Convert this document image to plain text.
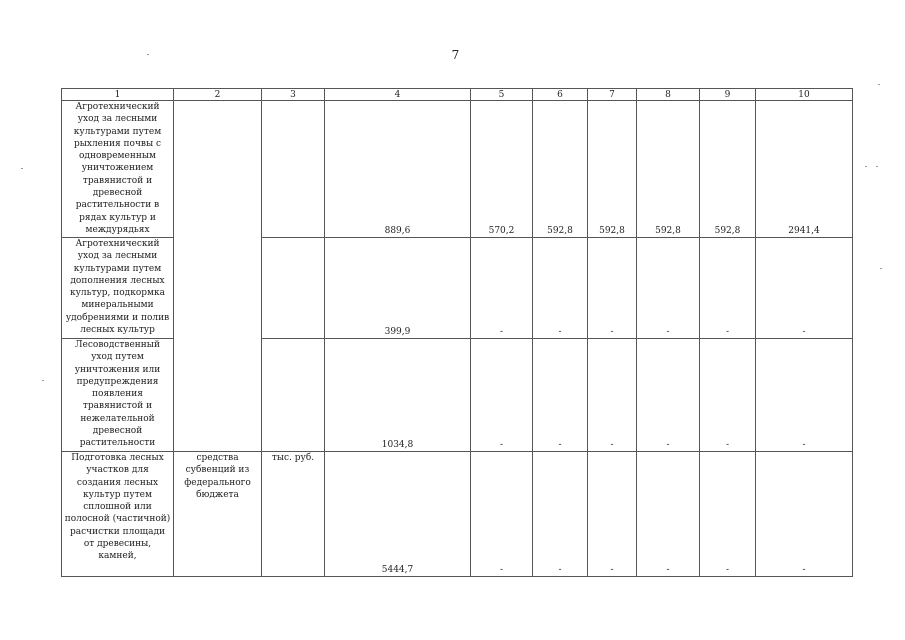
7
1	2	3	4	5	6	7	8	9	10
Агротехнический уход за лесными культурами путем рыхления почвы с одновременным уничтожением травянистой и древесной растительности в рядах культур и междурядьях			889,6	570,2	592,8	592,8	592,8	592,8	2941,4
Агротехнический уход за лесными культурами путем дополнения лесных культур, подкормка минеральными удобрениями и полив лесных культур			399,9	-	-	-	-	-	-
Лесоводственный уход путем уничтожения или предупреждения появления травянистой и нежелательной древесной растительности			1034,8	-	-	-	-	-	-
Подготовка лесных участков для создания лесных культур путем сплошной или полосной (частичной) расчистки площади от древесины, камней,	средства субвенций из федерального бюджета	тыс. руб.	5444,7	-	-	-	-	-	-
